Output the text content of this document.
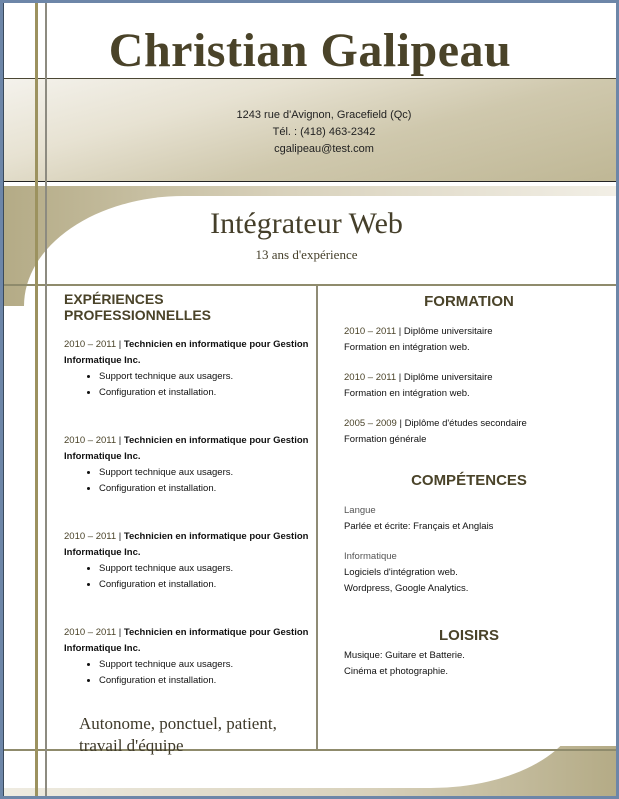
Christian Galipeau
1243 rue d'Avignon, Gracefield (Qc)
Tél. : (418) 463-2342
cgalipeau@test.com
Intégrateur Web
13 ans d'expérience
EXPÉRIENCES PROFESSIONNELLES
2010 – 2011 | Technicien en informatique pour Gestion Informatique Inc.
• Support technique aux usagers.
• Configuration et installation.
2010 – 2011 | Technicien en informatique pour Gestion Informatique Inc.
• Support technique aux usagers.
• Configuration et installation.
2010 – 2011 | Technicien en informatique pour Gestion Informatique Inc.
• Support technique aux usagers.
• Configuration et installation.
2010 – 2011 | Technicien en informatique pour Gestion Informatique Inc.
• Support technique aux usagers.
• Configuration et installation.
Autonome, ponctuel, patient, travail d'équipe
FORMATION
2010 – 2011 | Diplôme universitaire
Formation en intégration web.
2010 – 2011 | Diplôme universitaire
Formation en intégration web.
2005 – 2009 | Diplôme d'études secondaire
Formation générale
COMPÉTENCES
Langue
Parlée et écrite: Français et Anglais
Informatique
Logiciels d'intégration web.
Wordpress, Google Analytics.
LOISIRS
Musique: Guitare et Batterie.
Cinéma et photographie.
